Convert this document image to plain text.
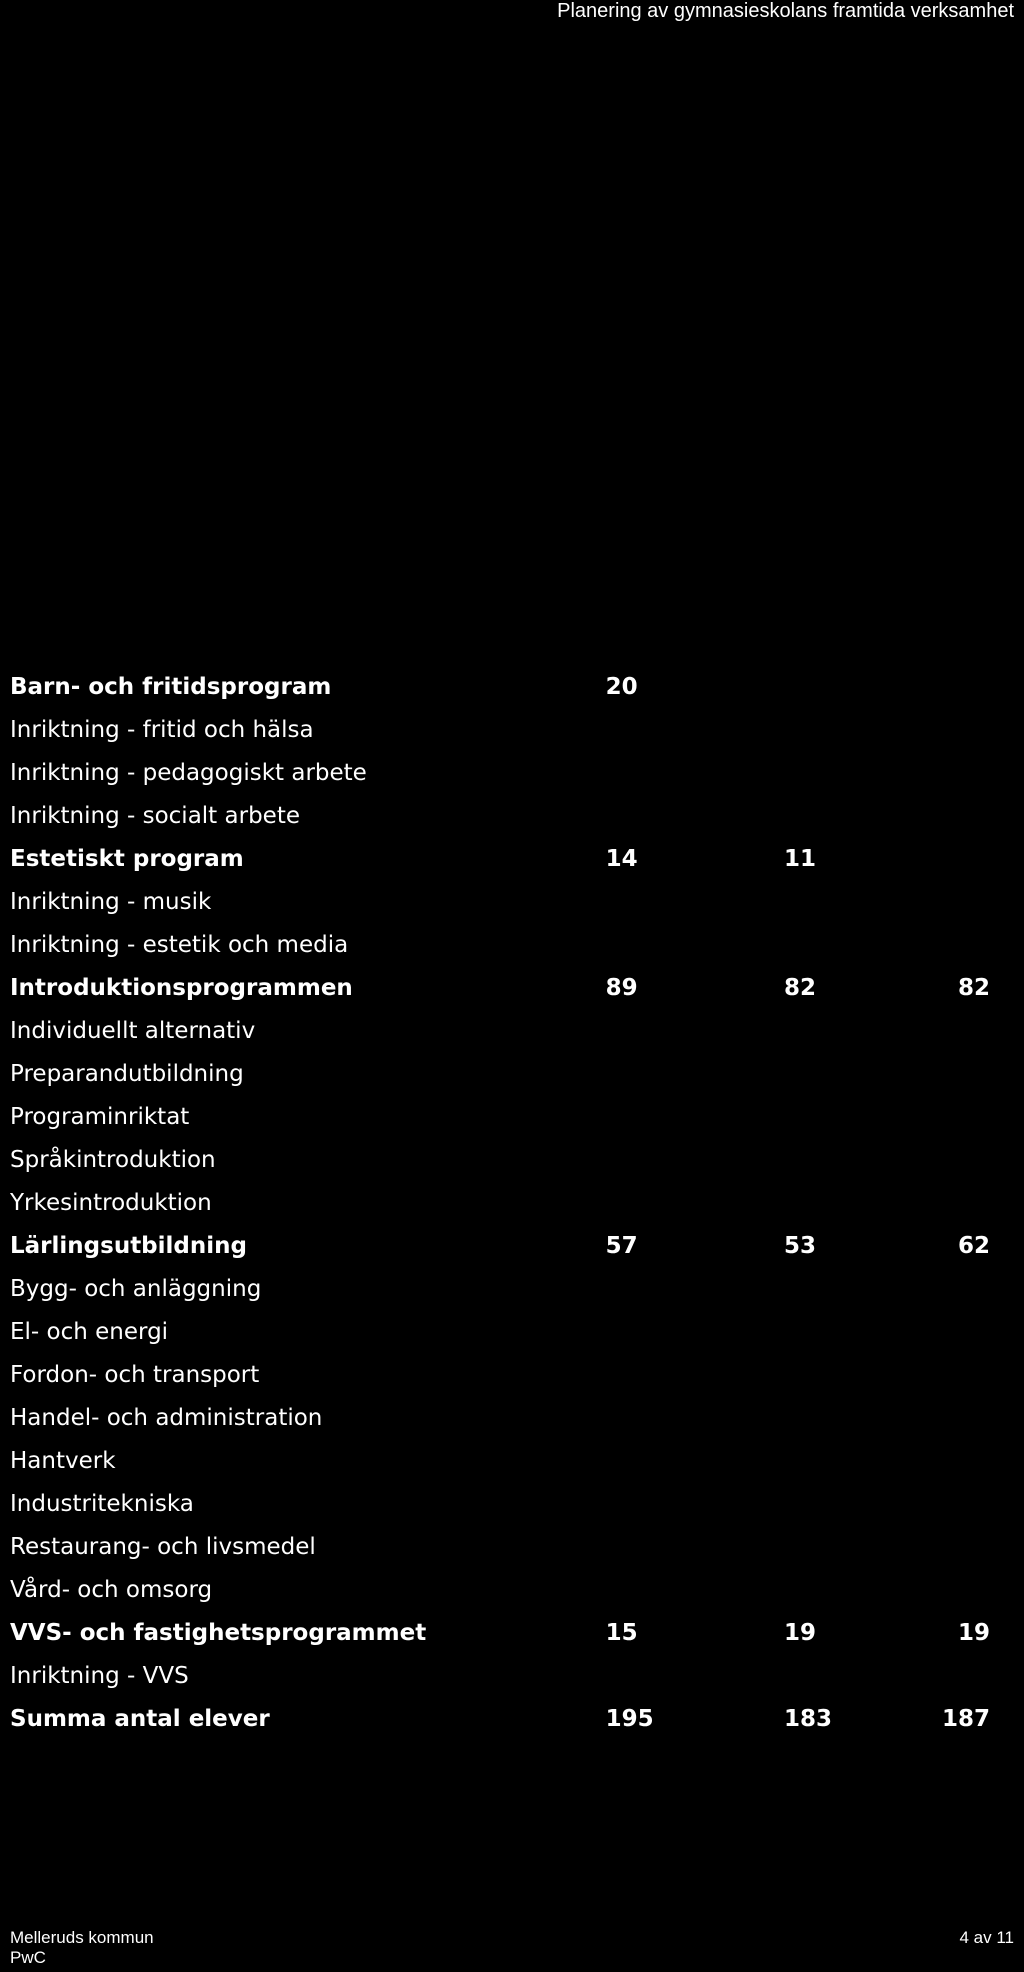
Planering av gymnasieskolans framtida verksamhet
Barn- och fritidsprogram	20		
Inriktning - fritid och hälsa			
Inriktning - pedagogiskt arbete			
Inriktning - socialt arbete			
Estetiskt program	14	11	
Inriktning - musik			
Inriktning - estetik och media			
Introduktionsprogrammen	89	82	82
Individuellt alternativ			
Preparandutbildning			
Programinriktat			
Språkintroduktion			
Yrkesintroduktion			
Lärlingsutbildning	57	53	62
Bygg- och anläggning			
El- och energi			
Fordon- och transport			
Handel- och administration			
Hantverk			
Industritekniska			
Restaurang- och livsmedel			
Vård- och omsorg			
VVS- och fastighetsprogrammet	15	19	19
Inriktning - VVS			
Summa antal elever	195	183	187
Melleruds kommun
PwC
4 av 11
